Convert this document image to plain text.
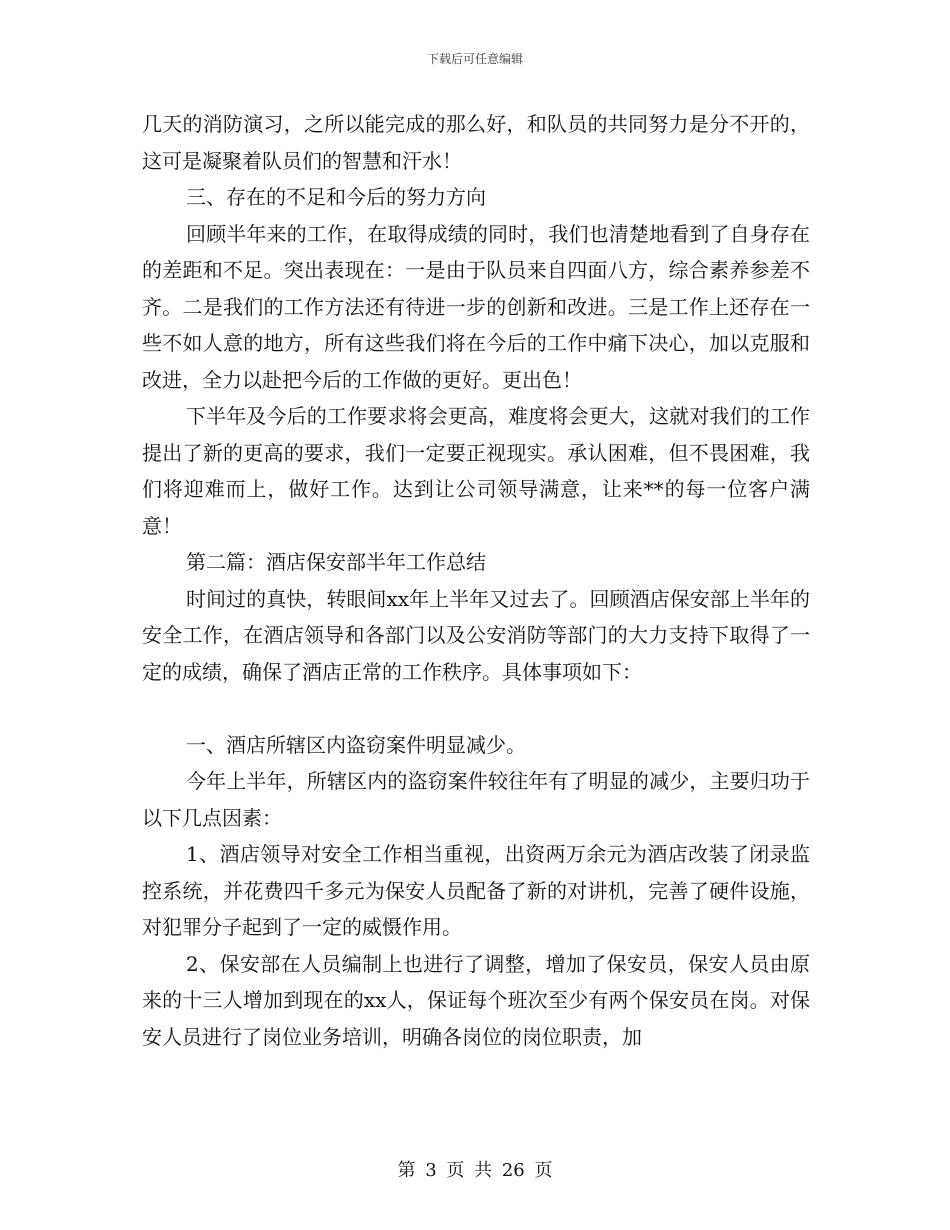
下载后可任意编辑

几天的消防演习，之所以能完成的那么好，和队员的共同努力是分不开的，这可是凝聚着队员们的智慧和汗水！

三、存在的不足和今后的努力方向

回顾半年来的工作，在取得成绩的同时，我们也清楚地看到了自身存在的差距和不足。突出表现在：一是由于队员来自四面八方，综合素养参差不齐。二是我们的工作方法还有待进一步的创新和改进。三是工作上还存在一些不如人意的地方，所有这些我们将在今后的工作中痛下决心，加以克服和改进，全力以赴把今后的工作做的更好。更出色！

下半年及今后的工作要求将会更高，难度将会更大，这就对我们的工作提出了新的更高的要求，我们一定要正视现实。承认困难，但不畏困难，我们将迎难而上，做好工作。达到让公司领导满意，让来**的每一位客户满意！

第二篇：酒店保安部半年工作总结

时间过的真快，转眼间xx年上半年又过去了。回顾酒店保安部上半年的安全工作，在酒店领导和各部门以及公安消防等部门的大力支持下取得了一定的成绩，确保了酒店正常的工作秩序。具体事项如下：

一、酒店所辖区内盗窃案件明显减少。

今年上半年，所辖区内的盗窃案件较往年有了明显的减少，主要归功于以下几点因素：

1、酒店领导对安全工作相当重视，出资两万余元为酒店改装了闭录监控系统，并花费四千多元为保安人员配备了新的对讲机，完善了硬件设施，对犯罪分子起到了一定的威慑作用。

2、保安部在人员编制上也进行了调整，增加了保安员，保安人员由原来的十三人增加到现在的xx人，保证每个班次至少有两个保安员在岗。对保安人员进行了岗位业务培训，明确各岗位的岗位职责，加

第 3 页 共 26 页
